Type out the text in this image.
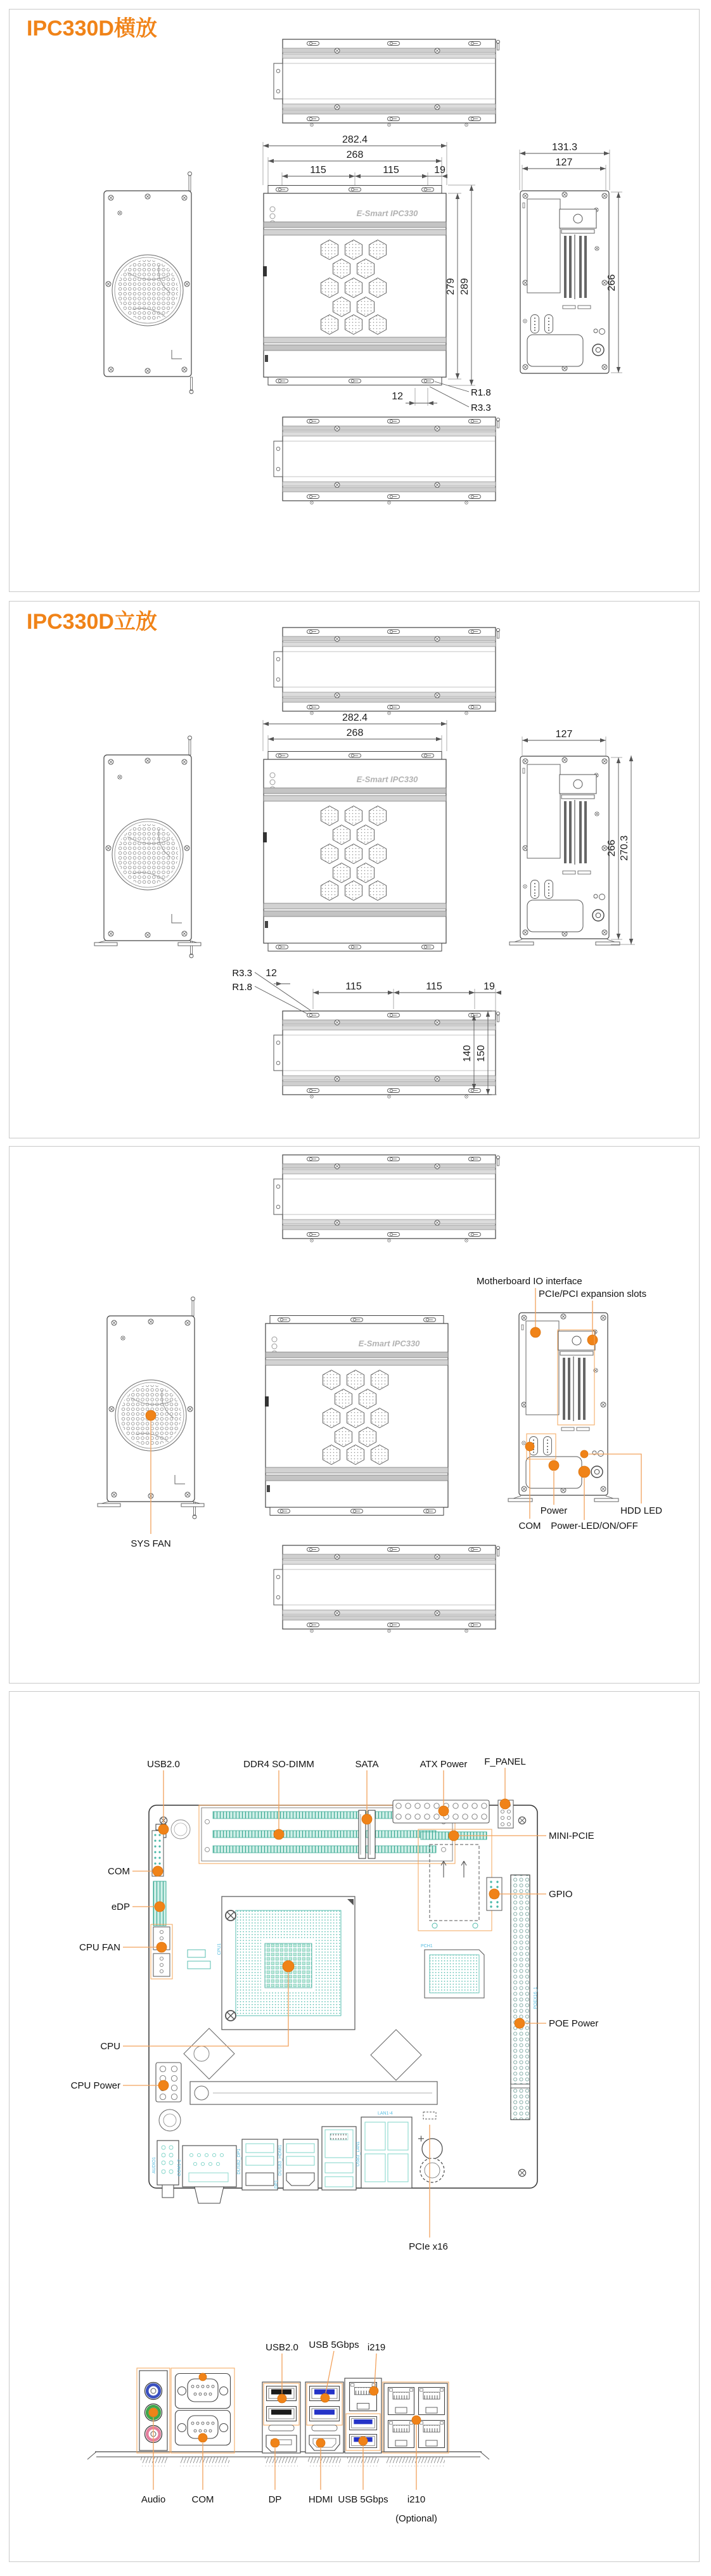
IPC330D横放
282.4
268
115	115	19
279 289
12	R1.8
R3.3
131.3
127
266
IPC330D立放
282.4
268	127
266 270.3
R3.3
R1.8
12
115	115	19
140 150
SYS FAN
Motherboard IO interface
PCIe/PCI expansion slots
COM
Power
Power-LED/ON/OFF
HDD LED
CPU1	PCH1
POEX16_1
AUDIO1	COM1-2	DUSB2_DP1
DP1
DUSB3_HDMI1	USB3_LAN1
LAN1-4
USB2.0	DDR4 SO-DIMM	SATA	ATX Power F_PANEL
COM
eDP
CPU FAN
CPU
CPU Power
MINI-PCIE
GPIO
POE Power
PCIe x16
USB2.0 USB 5Gbps i219
Audio	COM	DP	HDMI USB 5Gbps i210
(Optional)
